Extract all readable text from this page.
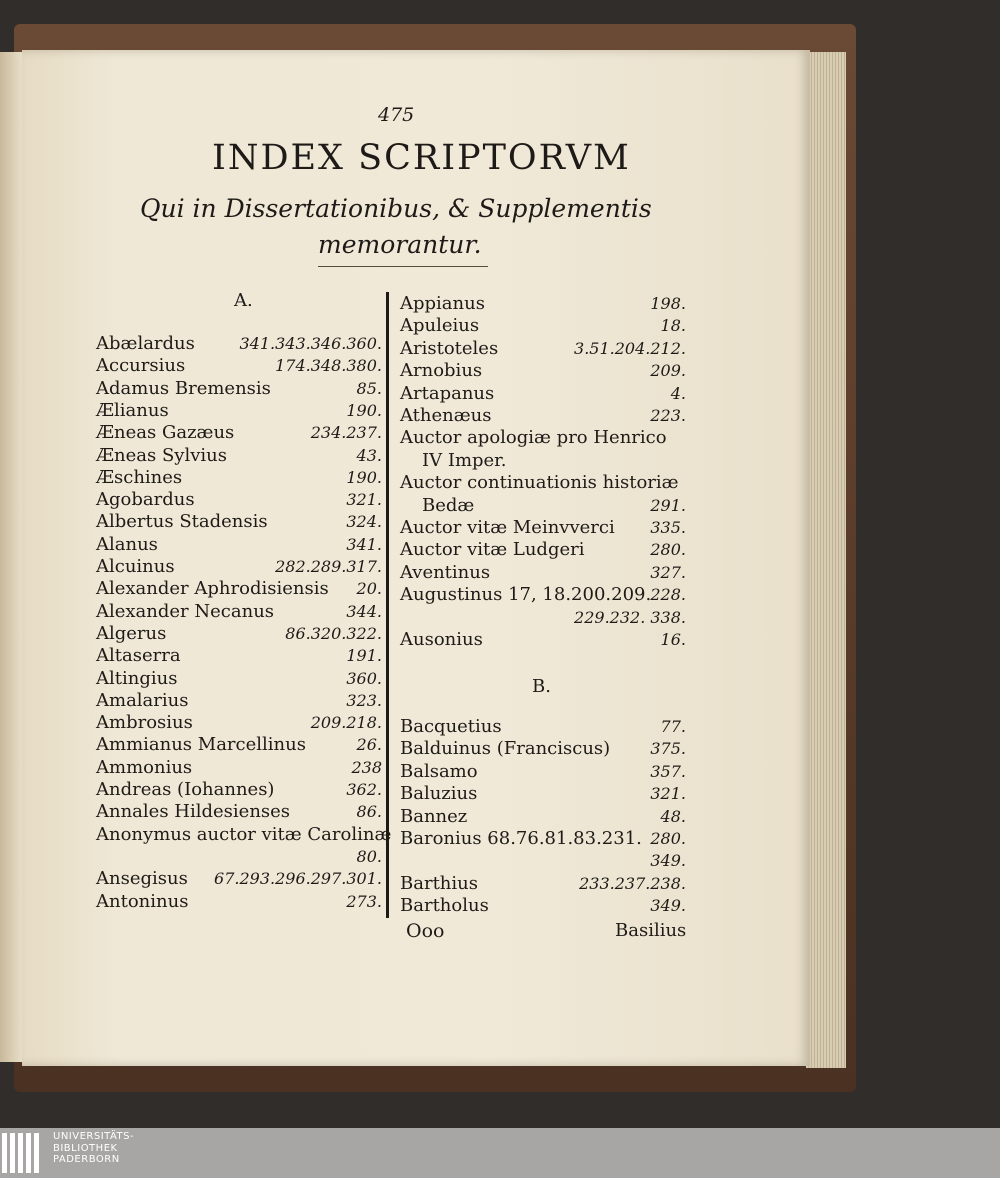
475
INDEX SCRIPTORVM
Qui in Dissertationibus, & Supplementis
memorantur.
A.
Abælardus	341.343.346.360.
Accursius	174.348.380.
Adamus Bremensis	85.
Ælianus	190.
Æneas Gazæus	234.237.
Æneas Sylvius	43.
Æschines	190.
Agobardus	321.
Albertus Stadensis	324.
Alanus	341.
Alcuinus	282.289.317.
Alexander Aphrodisiensis 20.
Alexander Necanus	344.
Algerus	86.320.322.
Altaserra	191.
Altingius	360.
Amalarius	323.
Ambrosius	209.218.
Ammianus Marcellinus	26.
Ammonius	238
Andreas (Iohannes)	362.
Annales Hildesienses	86.
Anonymus auctor vitæ Carolinæ
80.
Ansegisus 67.293.296.297.301.
Antoninus	273.
Appianus	198.
Apuleius	18.
Aristoteles	3.51.204.212.
Arnobius	209.
Artapanus	4.
Athenæus	223.
Auctor apologiæ pro Henrico
IV Imper.
Auctor continuationis historiæ
Bedæ	291.
Auctor vitæ Meinvverci 335.
Auctor vitæ Ludgeri	280.
Aventinus	327.
Augustinus 17, 18.200.209. 228.
229.232. 338.
Ausonius	16.
Bacquetius	77.
Balduinus (Franciscus)	375.
Balsamo	357.
Baluzius	321.
Bannez	48.
Baronius 68.76.81.83.231. 280.
349.
Barthius	233.237.238.
Bartholus	349.
B.
Ooo	Basilius
UNIVERSITÄTS-
BIBLIOTHEK
PADERBORN
